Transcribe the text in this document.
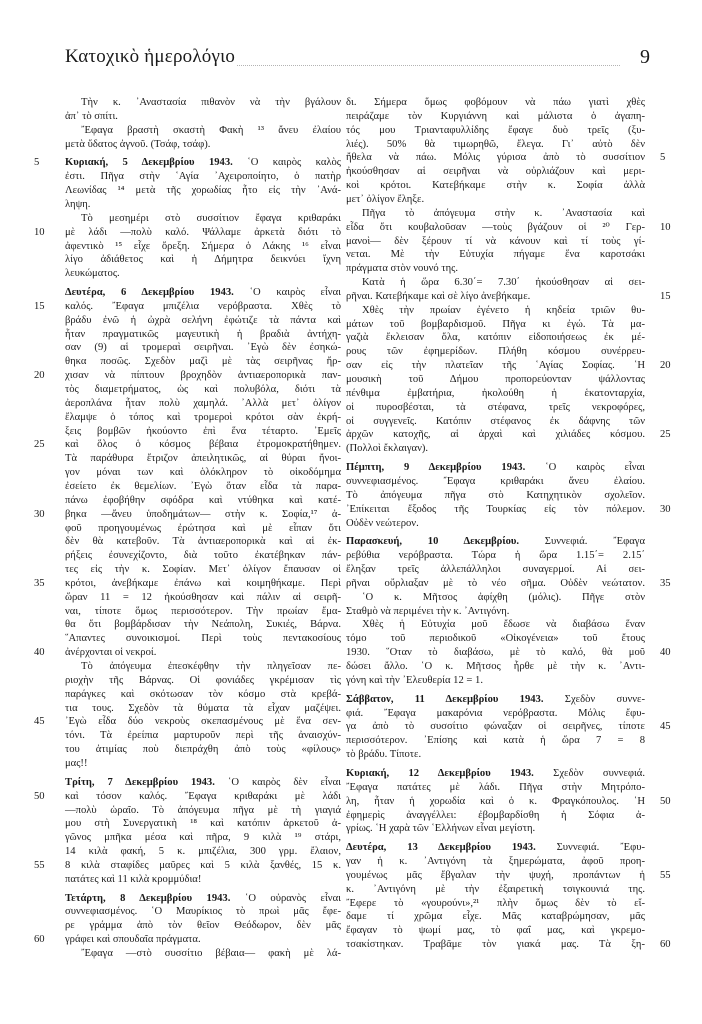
Κατοχικὸ ἡμερολόγιο	9
Τὴν κ. ᾿Αναστασία πιθανὸν νὰ τὴν βγάλουν
ἀπ᾿ τὸ σπίτι.
῎Εφαγα βραστὴ σκαστὴ Φακὴ ¹³ ἄνευ ἐλαίου
μετὰ ὕδατος ἀγνοῦ. (Τσάφ, τσάφ).
Κυριακή, 5 Δεκεμβρίου 1943. ῾Ο καιρὸς καλὸς
ἐστι. Πῆγα στὴν ῾Αγία ᾿Αχειροποίητο, ὁ πατὴρ
Λεωνίδας ¹⁴ μετὰ τῆς χορωδίας ἦτο εἰς τὴν ᾿Ανά-
ληψη.
Τὸ μεσημέρι στὸ συσσίτιον ἔφαγα κριθαράκι
μὲ λάδι —πολὺ καλό. Ψάλλαμε ἀρκετὰ διότι τὸ
ἀφεντικὸ ¹⁵ εἶχε ὄρεξη. Σήμερα ὁ Λάκης ¹⁶ εἶναι
λίγο ἀδιάθετος καὶ ἡ Δήμητρα δεικνύει ἴχνη
λευκώματος.
Δευτέρα, 6 Δεκεμβρίου 1943. ῾Ο καιρὸς εἶναι
καλός. ῎Εφαγα μπιζέλια νερόβραστα. Χθὲς τὸ
βράδυ ἐνῶ ἡ ὠχρὰ σελήνη ἐφώτιζε τὰ πάντα καὶ
ἦταν πραγματικῶς μαγευτικὴ ἡ βραδιὰ ἀντήχη-
σαν (9) αἱ τρομεραὶ σειρῆναι. ᾿Εγὼ δὲν ἐσηκώ-
θηκα ποσῶς. Σχεδὸν μαζὶ μὲ τὰς σειρῆνας ἤρ-
χισαν νὰ πίπτουν βροχηδὸν ἀντιαεροπορικὰ παν-
τὸς διαμετρήματος, ὡς καὶ πολυβόλα, διότι τὰ
ἀεροπλάνα ἦταν πολὺ χαμηλά. ᾿Αλλὰ μετ᾿ ὀλίγον
ἔλαμψε ὁ τόπος καὶ τρομεροὶ κρότοι σὰν ἐκρή-
ξεις βομβῶν ἠκούοντο ἐπὶ ἕνα τέταρτο. ᾿Εμεῖς
καὶ ὅλος ὁ κόσμος βέβαια ἐτρομοκρατήθημεν.
Τὰ παράθυρα ἔτριζον ἀπειλητικῶς, αἱ θύραι ἤνοι-
γον μόναι των καὶ ὁλόκληρον τὸ οἰκοδόμημα
ἐσείετο ἐκ θεμελίων. ᾿Εγὼ ὅταν εἶδα τὰ παρα-
πάνω ἐφοβήθην σφόδρα καὶ ντύθηκα καὶ κατέ-
βηκα —ἄνευ ὑποδημάτων— στὴν κ. Σοφία,¹⁷ ἀ-
φοῦ προηγουμένως ἐρώτησα καὶ μὲ εἶπαν ὅτι
δὲν θὰ κατεβοῦν. Τὰ ἀντιαεροπορικὰ καὶ αἱ ἐκ-
ρήξεις ἐσυνεχίζοντο, διὰ τοῦτο ἐκατέβηκαν πάν-
τες εἰς τὴν κ. Σοφίαν. Μετ᾿ ὀλίγον ἔπαυσαν οἱ
κρότοι, ἀνεβήκαμε ἐπάνω καὶ κοιμηθήκαμε. Περὶ
ὥραν 11 = 12 ἠκούσθησαν καὶ πάλιν αἱ σειρῆ-
ναι, τίποτε ὅμως περισσότερον. Τὴν πρωίαν ἔμα-
θα ὅτι βομβάρδισαν τὴν Νεάπολη, Συκιές, Βάρνα.
῞Απαντες συνοικισμοί. Περὶ τοὺς πεντακοσίους
ἀνέρχονται οἱ νεκροί.
Τὸ ἀπόγευμα ἐπεσκέφθην τὴν πληγεῖσαν πε-
ριοχὴν τῆς Βάρνας. Οἱ φονιάδες γκρέμισαν τὶς
παράγκες καὶ σκότωσαν τὸν κόσμο στὰ κρεβά-
τια τους. Σχεδὸν τὰ θύματα τὰ εἶχαν μαζέψει.
᾿Εγὼ εἶδα δύο νεκροὺς σκεπασμένους μὲ ἕνα σεν-
τόνι. Τὰ ἐρείπια μαρτυροῦν περὶ τῆς ἀναισχύν-
του ἀτιμίας ποὺ διεπράχθη ἀπὸ τοὺς «φίλους»
μας!!
Τρίτη, 7 Δεκεμβρίου 1943. ῾Ο καιρὸς δὲν εἶναι
καὶ τόσον καλός. ῎Εφαγα κριθαράκι μὲ λάδι
—πολὺ ὡραῖο. Τὸ ἀπόγευμα πῆγα μὲ τὴ γιαγιά
μου στὴ Συνεργατικὴ ¹⁸ καὶ κατόπιν ἀρκετοῦ ἀ-
γῶνος μπῆκα μέσα καὶ πῆρα, 9 κιλὰ ¹⁹ στάρι,
14 κιλὰ φακή, 5 κ. μπιζέλια, 300 γρμ. ἔλαιον,
8 κιλὰ σταφίδες μαῦρες καὶ 5 κιλὰ ξανθές, 15 κ.
πατάτες καὶ 11 κιλὰ κρομμύδια!
Τετάρτη, 8 Δεκεμβρίου 1943. ῾Ο οὐρανὸς εἶναι
συννεφιασμένος. ῾Ο Μαυρίκιος τὸ πρωὶ μᾶς ἔφε-
ρε γράμμα ἀπὸ τὸν θεῖον Θεόδωρον, δὲν μᾶς
γράφει καὶ σπουδαῖα πράγματα.
῎Εφαγα —στὸ συσσίτιο βέβαια— φακὴ μὲ λά-
δι. Σήμερα ὅμως φοβόμουν νὰ πάω γιατὶ χθὲς
πειράζαμε τὸν Κυργιάννη καὶ μάλιστα ὁ ἀγαπη-
τός μου Τριανταφυλλίδης ἔφαγε δυὸ τρεῖς (ξυ-
λιές). 50% θὰ τιμωρηθῶ, ἔλεγα. Γι᾿ αὐτὸ δὲν
ἤθελα νὰ πάω. Μόλις γύρισα ἀπὸ τὸ συσσίτιον
ἠκούσθησαν αἱ σειρῆναι νὰ οὐρλιάζουν καὶ μερι-
κοὶ κρότοι. Κατεβήκαμε στὴν κ. Σοφία ἀλλὰ
μετ᾿ ὀλίγον ἔληξε.
Πῆγα τὸ ἀπόγευμα στὴν κ. ᾿Αναστασία καὶ
εἶδα ὅτι κουβαλοῦσαν —τοὺς βγάζουν οἱ ²⁰ Γερ-
μανοὶ— δὲν ξέρουν τί νὰ κάνουν καὶ τί τοὺς γί-
νεται. Μὲ τὴν Εὐτυχία πήγαμε ἕνα καροτσάκι
πράγματα στὸν νουνό της.
Κατὰ ἡ ὥρα 6.30΄= 7.30΄ ἠκούσθησαν αἱ σει-
ρῆναι. Κατεβήκαμε καὶ σὲ λίγο ἀνεβήκαμε.
Χθὲς τὴν πρωίαν ἐγένετο ἡ κηδεία τριῶν θυ-
μάτων τοῦ βομβαρδισμοῦ. Πῆγα κι ἐγώ. Τὰ μα-
γαζιὰ ἔκλεισαν ὅλα, κατόπιν εἰδοποιήσεως ἐκ μέ-
ρους τῶν ἐφημερίδων. Πλήθη κόσμου συνέρρευ-
σαν εἰς τὴν πλατεῖαν τῆς ῾Αγίας Σοφίας. ῾Η
μουσικὴ τοῦ Δήμου προπορεύονταν ψάλλοντας
πένθιμα ἐμβατήρια, ἠκολούθη ἡ ἑκατονταρχία,
οἱ πυροσβέσται, τὰ στέφανα, τρεῖς νεκροφόρες,
οἱ συγγενεῖς. Κατόπιν στέφανος ἐκ δάφνης τῶν
ἀρχῶν κατοχῆς, αἱ ἀρχαὶ καὶ χιλιάδες κόσμου.
(Πολλοὶ ἔκλαιγαν).
Πέμπτη, 9 Δεκεμβρίου 1943. ῾Ο καιρὸς εἶναι
συννεφιασμένος. ῎Εφαγα κριθαράκι ἄνευ ἐλαίου.
Τὸ ἀπόγευμα πῆγα στὸ Κατηχητικὸν σχολεῖον.
᾿Επίκειται ἔξοδος τῆς Τουρκίας εἰς τὸν πόλεμον.
Οὐδὲν νεώτερον.
Παρασκευή, 10 Δεκεμβρίου. Συννεφιά. ῎Εφαγα
ρεβύθια νερόβραστα. Τώρα ἡ ὥρα 1.15΄= 2.15΄
ἔληξαν τρεῖς ἀλλεπάλληλοι συναγερμοί. Αἱ σει-
ρῆναι οὔρλιαξαν μὲ τὸ νέο σῆμα. Οὐδὲν νεώτατον.
῾Ο κ. Μῆτσος ἀφίχθη (μόλις). Πῆγε στὸν
Σταθμὸ νὰ περιμένει τὴν κ. ᾿Αντιγόνη.
Χθὲς ἡ Εὐτυχία μοῦ ἔδωσε νὰ διαβάσω ἕναν
τόμο τοῦ περιοδικοῦ «Οἰκογένεια» τοῦ ἔτους
1930. ῞Οταν τὸ διαβάσω, μὲ τὸ καλό, θὰ μοῦ
δώσει ἄλλο. ῾Ο κ. Μῆτσος ἦρθε μὲ τὴν κ. ᾿Αντι-
γόνη καὶ τὴν ᾿Ελευθερία 12 = 1.
Σάββατον, 11 Δεκεμβρίου 1943. Σχεδὸν συννε-
φιά. ῎Εφαγα μακαρόνια νερόβραστα. Μόλις ἔφυ-
γα ἀπὸ τὸ συσσίτιο φώναξαν οἱ σειρῆνες, τίποτε
περισσότερον. ᾿Επίσης καὶ κατὰ ἡ ὥρα 7 = 8
τὸ βράδυ. Τίποτε.
Κυριακή, 12 Δεκεμβρίου 1943. Σχεδὸν συννεφιά.
῎Εφαγα πατάτες μὲ λάδι. Πῆγα στὴν Μητρόπο-
λη, ἦταν ἡ χορωδία καὶ ὁ κ. Φραγκόπουλος. ῾Η
ἐφημερὶς ἀναγγέλλει: ἐβομβαρδίσθη ἡ Σόφια ἀ-
γρίως. ῾Η χαρὰ τῶν ῾Ελλήνων εἶναι μεγίστη.
Δευτέρα, 13 Δεκεμβρίου 1943. Συννεφιά. ῎Εφυ-
γαν ἡ κ. ᾿Αντιγόνη τὰ ξημερώματα, ἀφοῦ προη-
γουμένως μᾶς ἔβγαλαν τὴν ψυχή, προπάντων ἡ
κ. ᾿Αντιγόνη μὲ τὴν ἐξαιρετικὴ τσιγκουνιά της.
῎Εφερε τὸ «γουρούνι»,²¹ πλὴν ὅμως δὲν τὸ εἴ-
δαμε τί χρῶμα εἶχε. Μᾶς καταβρώμησαν, μᾶς
ἔφαγαν τὸ ψωμί μας, τὸ φαΐ μας, καὶ γκρεμο-
τσακίστηκαν. Τραβᾶμε τὸν γιακά μας. Τὰ ξη-
5
10
15
20
25
30
35
40
45
50
55
60
5
10
15
20
25
30
35
40
45
50
55
60
